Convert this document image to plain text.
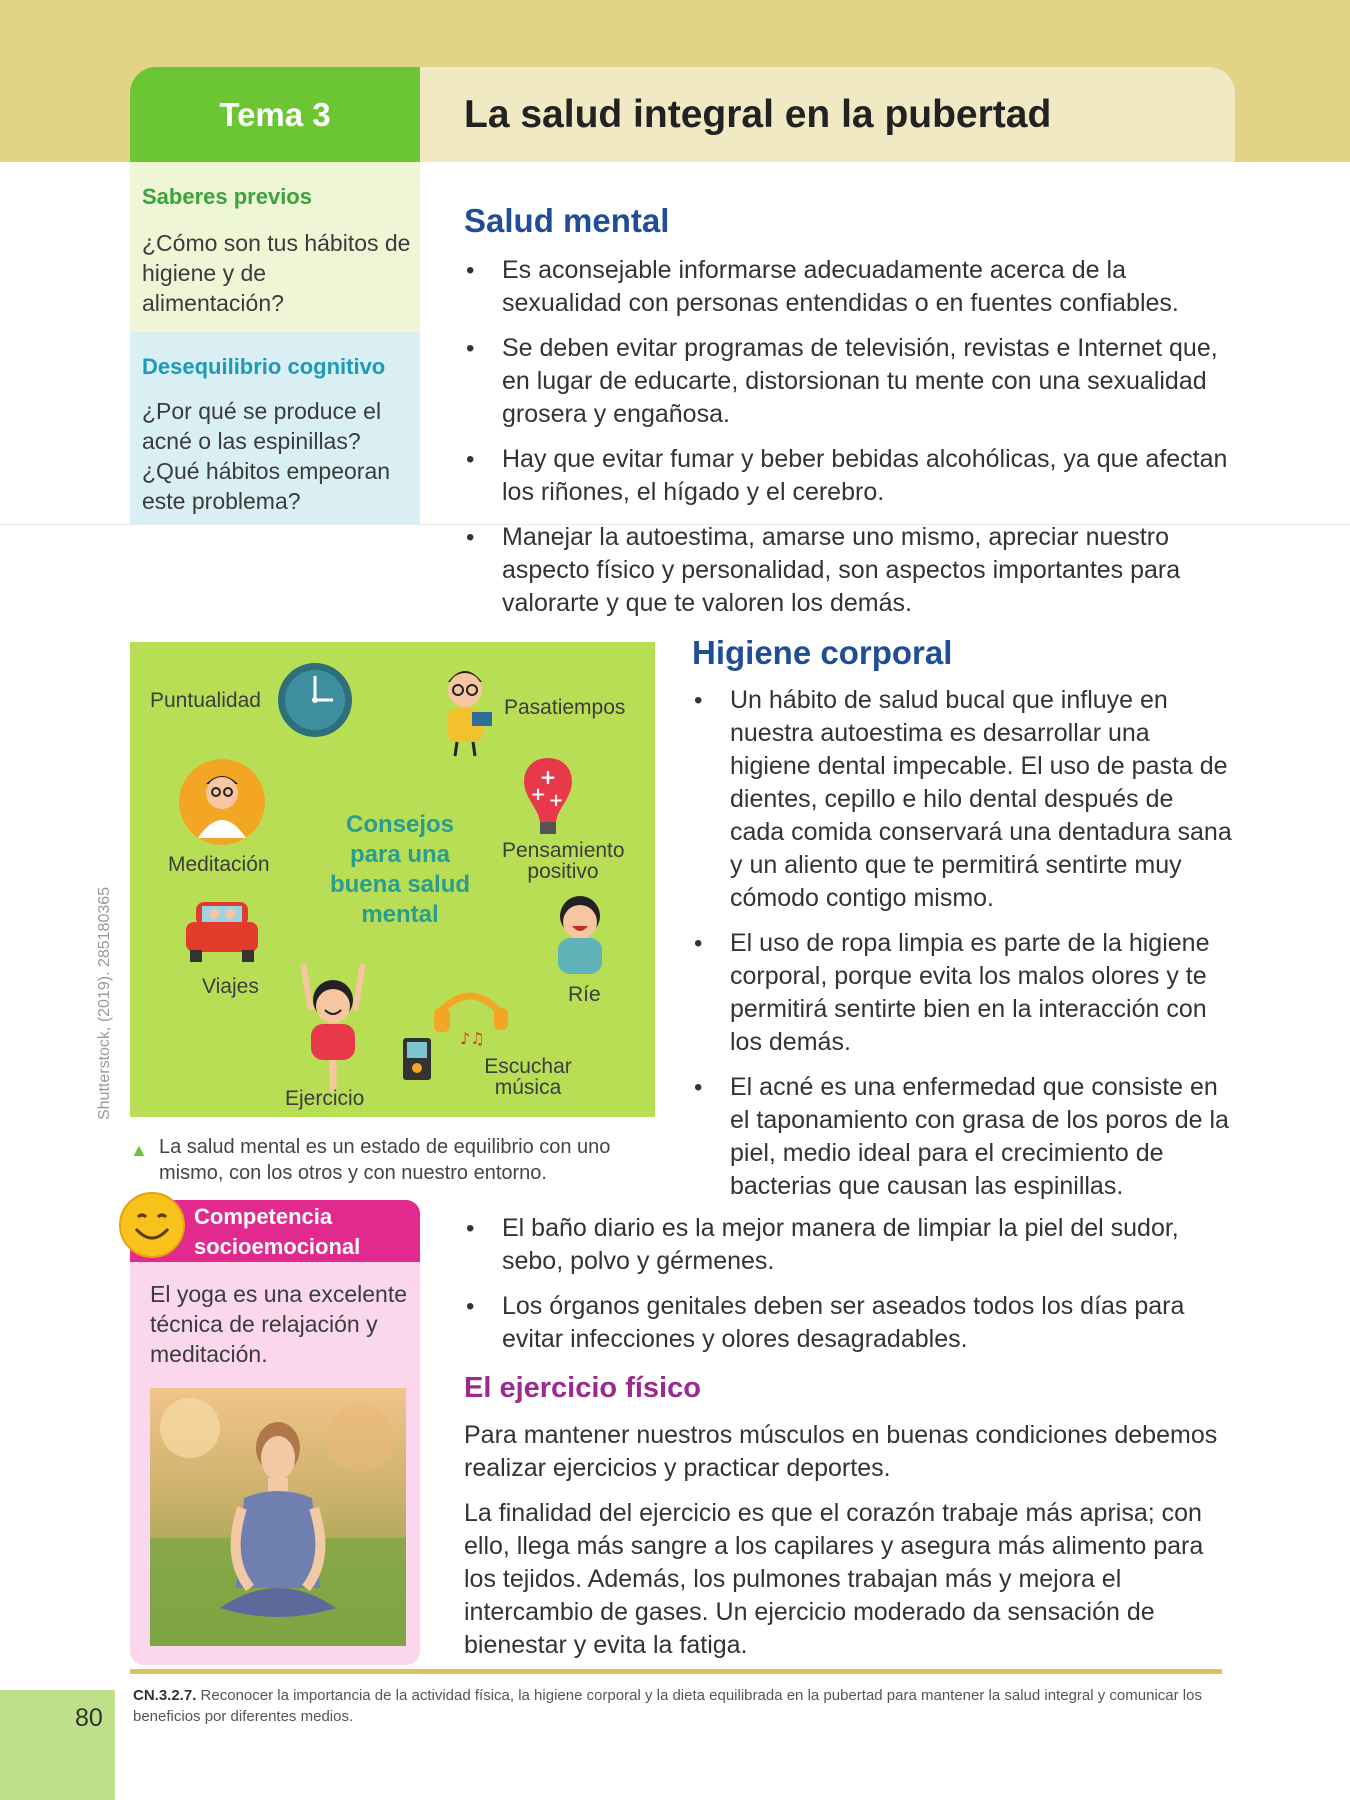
Tema 3	La salud integral en la pubertad
Saberes previos
¿Cómo son tus hábitos de higiene y de alimentación?
Desequilibrio cognitivo
¿Por qué se produce el acné o las espinillas? ¿Qué hábitos empeoran este problema?
Salud mental
• Es aconsejable informarse adecuadamente acerca de la sexualidad con personas entendidas o en fuentes confiables.
• Se deben evitar programas de televisión, revistas e Internet que, en lugar de educarte, distorsionan tu mente con una sexualidad grosera y engañosa.
• Hay que evitar fumar y beber bebidas alcohólicas, ya que afectan los riñones, el hígado y el cerebro.
• Manejar la autoestima, amarse uno mismo, apreciar nuestro aspecto físico y personalidad, son aspectos importantes para valorarte y que te valoren los demás.
+
+ +
♪♫
Puntualidad	Pasatiempos
Meditación
Pensamiento positivo
Viajes	Ríe
Escuchar música
Ejercicio
Consejos para una buena salud mental
Shutterstock, (2019). 285180365
▲ La salud mental es un estado de equilibrio con uno mismo, con los otros y con nuestro entorno.
Higiene corporal
• Un hábito de salud bucal que influye en nuestra autoestima es desarrollar una higiene dental impecable. El uso de pasta de dientes, cepillo e hilo dental después de cada comida conservará una dentadura sana y un aliento que te permitirá sentirte muy cómodo contigo mismo.
• El uso de ropa limpia es parte de la higiene corporal, porque evita los malos olores y te permitirá sentirte bien en la interacción con los demás.
• El acné es una enfermedad que consiste en el taponamiento con grasa de los poros de la piel, medio ideal para el crecimiento de bacterias que causan las espinillas.
Competencia socioemocional
El yoga es una excelente técnica de relajación y meditación.
• El baño diario es la mejor manera de limpiar la piel del sudor, sebo, polvo y gérmenes.
• Los órganos genitales deben ser aseados todos los días para evitar infecciones y olores desagradables.
El ejercicio físico

Para mantener nuestros músculos en buenas condiciones debemos realizar ejercicios y practicar deportes.

La finalidad del ejercicio es que el corazón trabaje más aprisa; con ello, llega más sangre a los capilares y asegura más alimento para los tejidos. Además, los pulmones trabajan más y mejora el intercambio de gases. Un ejercicio moderado da sensación de bienestar y evita la fatiga.

CN.3.2.7. Reconocer la importancia de la actividad física, la higiene corporal y la dieta equilibrada en la pubertad para mantener la salud integral y comunicar los beneficios por diferentes medios.
80
